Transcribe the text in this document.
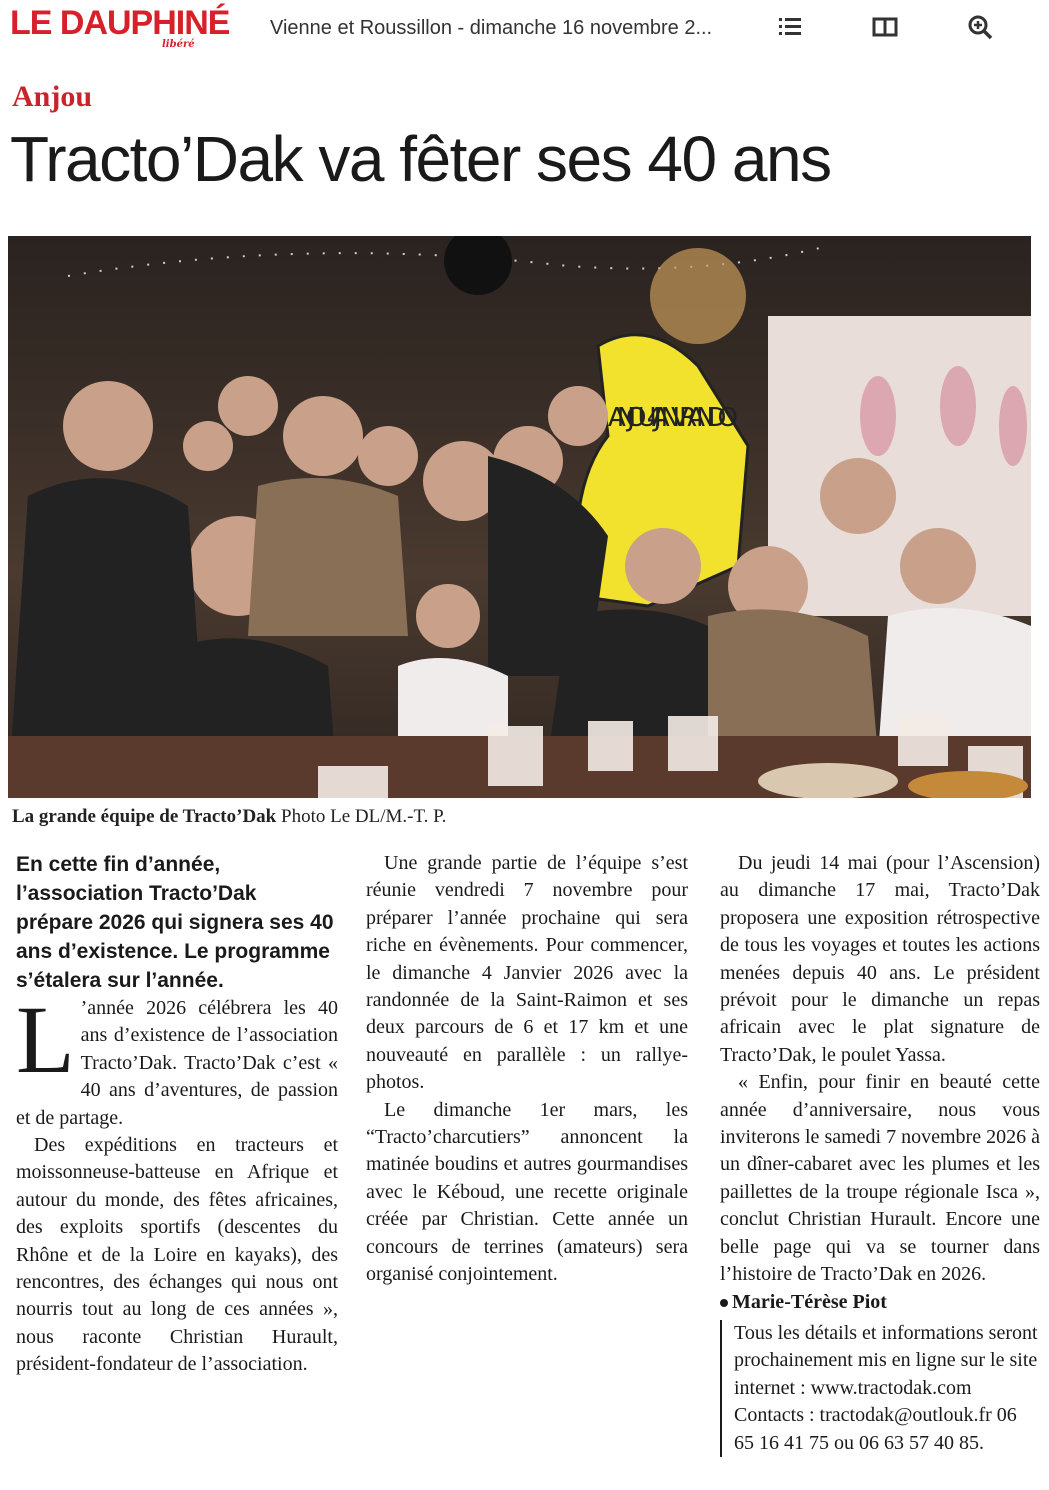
LE DAUPHINÉ
libéré
Vienne et Roussillon - dimanche 16 novembre 2...
Anjou
Tracto’Dak va fêter ses 40 ans
ANJOU 4 JANV RANDO
La grande équipe de Tracto’Dak Photo Le DL/M.-T. P.

En cette fin d’année, l’association Tracto’Dak prépare 2026 qui signera ses 40 ans d’existence. Le programme s’étalera sur l’année.

L ’année 2026 célébrera les 40 ans d’existence de l’association Tracto’Dak. Tracto’Dak c’est « 40 ans d’aventures, de passion et de partage.

Des expéditions en tracteurs et moissonneuse-batteuse en Afrique et autour du monde, des fêtes africaines, des exploits sportifs (descentes du Rhône et de la Loire en kayaks), des rencontres, des échanges qui nous ont nourris tout au long de ces années », nous raconte Christian Hurault, président-fondateur de l’association.

Une grande partie de l’équipe s’est réunie vendredi 7 novembre pour préparer l’année prochaine qui sera riche en évènements. Pour commencer, le dimanche 4 Janvier 2026 avec la randonnée de la Saint-Raimon et ses deux parcours de 6 et 17 km et une nouveauté en parallèle : un rallye-photos.

Le dimanche 1er mars, les “Tracto’charcutiers” annoncent la matinée boudins et autres gourmandises avec le Kéboud, une recette originale créée par Christian. Cette année un concours de terrines (amateurs) sera organisé conjointement.

Du jeudi 14 mai (pour l’Ascension) au dimanche 17 mai, Tracto’Dak proposera une exposition rétrospective de tous les voyages et toutes les actions menées depuis 40 ans. Le président prévoit pour le dimanche un repas africain avec le plat signature de Tracto’Dak, le poulet Yassa.

« Enfin, pour finir en beauté cette année d’anniversaire, nous vous inviterons le samedi 7 novembre 2026 à un dîner-cabaret avec les plumes et les paillettes de la troupe régionale Isca », conclut Christian Hurault. Encore une belle page qui va se tourner dans l’histoire de Tracto’Dak en 2026.

Marie-Térèse Piot

Tous les détails et informations seront prochainement mis en ligne sur le site internet : www.tractodak.com Contacts : tractodak@outlouk.fr 06 65 16 41 75 ou 06 63 57 40 85.
